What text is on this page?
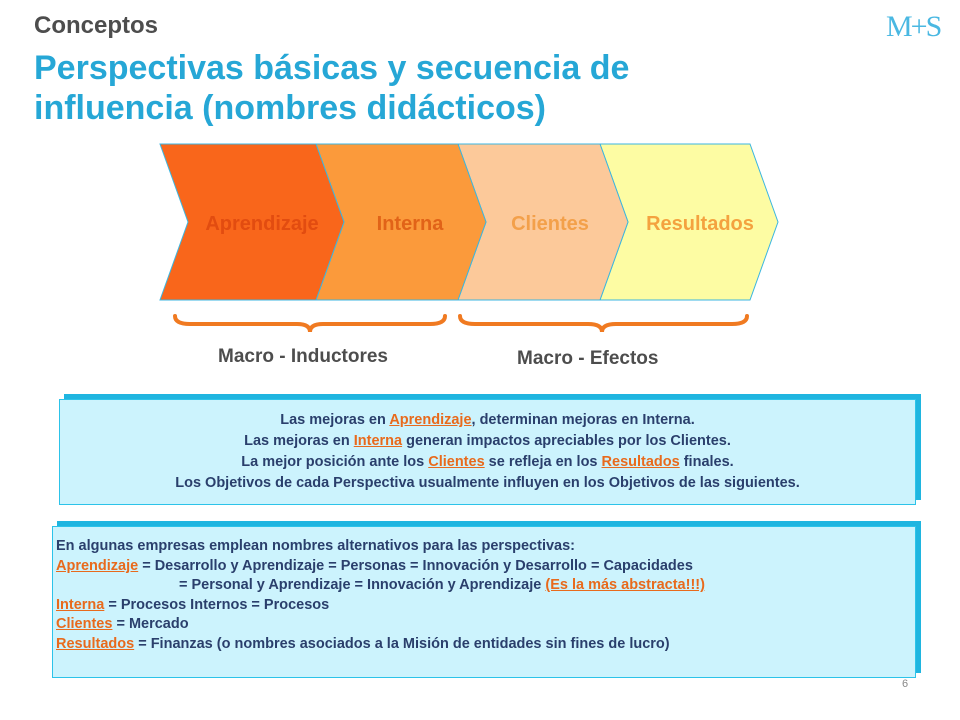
Conceptos
Perspectivas básicas y secuencia de
influencia (nombres didácticos)
M+S
Aprendizaje	Interna	Clientes	Resultados
Macro - Inductores	Macro - Efectos
Las mejoras en Aprendizaje, determinan mejoras en Interna.
Las mejoras en Interna generan impactos apreciables por los Clientes.
La mejor posición ante los Clientes se refleja en los Resultados finales.
Los Objetivos de cada Perspectiva usualmente influyen en los Objetivos de las siguientes.
En algunas empresas emplean nombres alternativos para las perspectivas:
Aprendizaje = Desarrollo y Aprendizaje = Personas = Innovación y Desarrollo = Capacidades
= Personal y Aprendizaje = Innovación y Aprendizaje (Es la más abstracta!!!)
Interna = Procesos Internos = Procesos
Clientes = Mercado
Resultados = Finanzas (o nombres asociados a la Misión de entidades sin fines de lucro)
6
